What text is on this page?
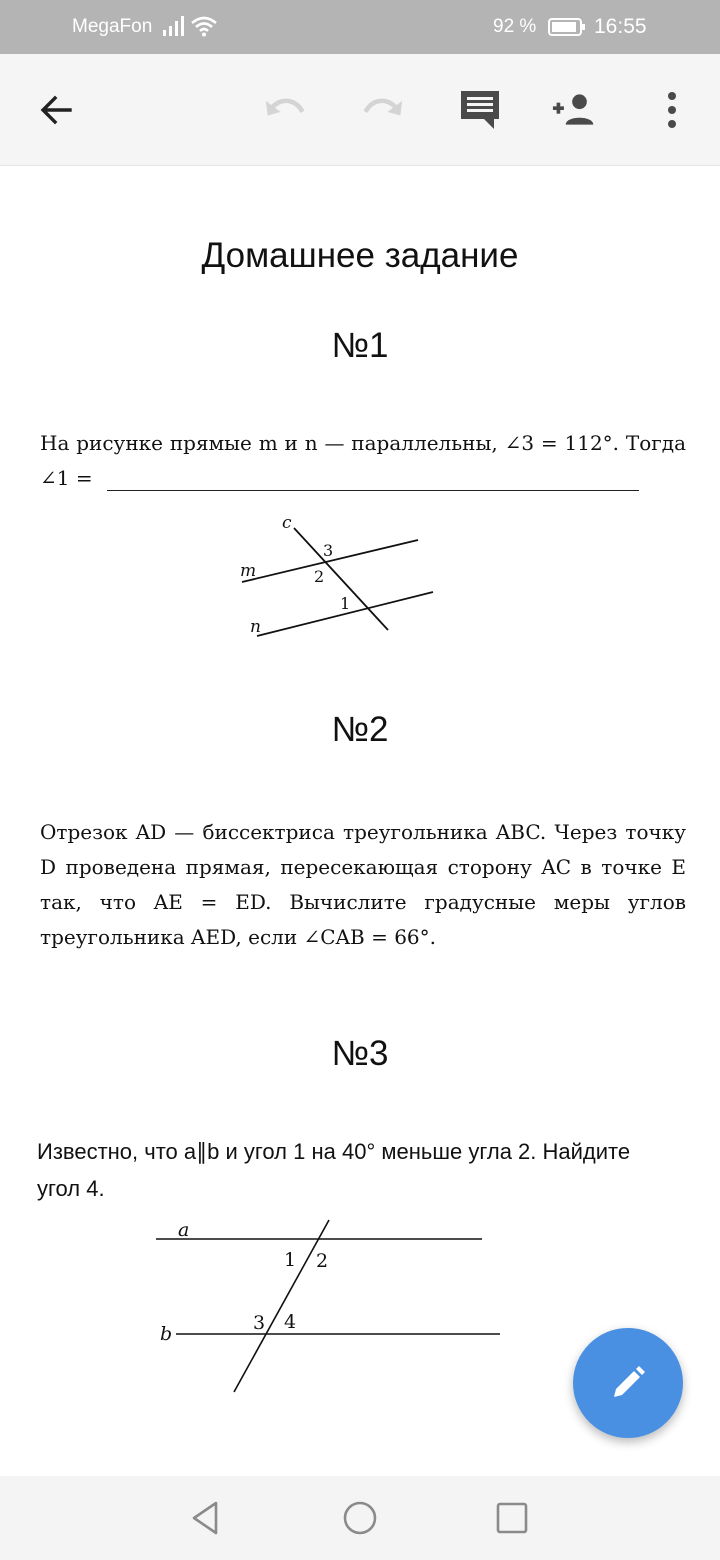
MegaFon	92 %	16:55
Домашнее задание
№1
На рисунке прямые m и n — параллельны, ∠3 = 112°. Тогда ∠1 =
c
m
n
3
2
1
№2
Отрезок AD — биссектриса треугольника ABC. Через точку D проведена прямая, пересекающая сторону AC в точке E так, что AE = ED. Вычислите градусные меры углов треугольника AED, если ∠CAB = 66°.
№3
Известно, что a∥b и угол 1 на 40° меньше угла 2. Найдите угол 4.
a
b
1 2
3 4
